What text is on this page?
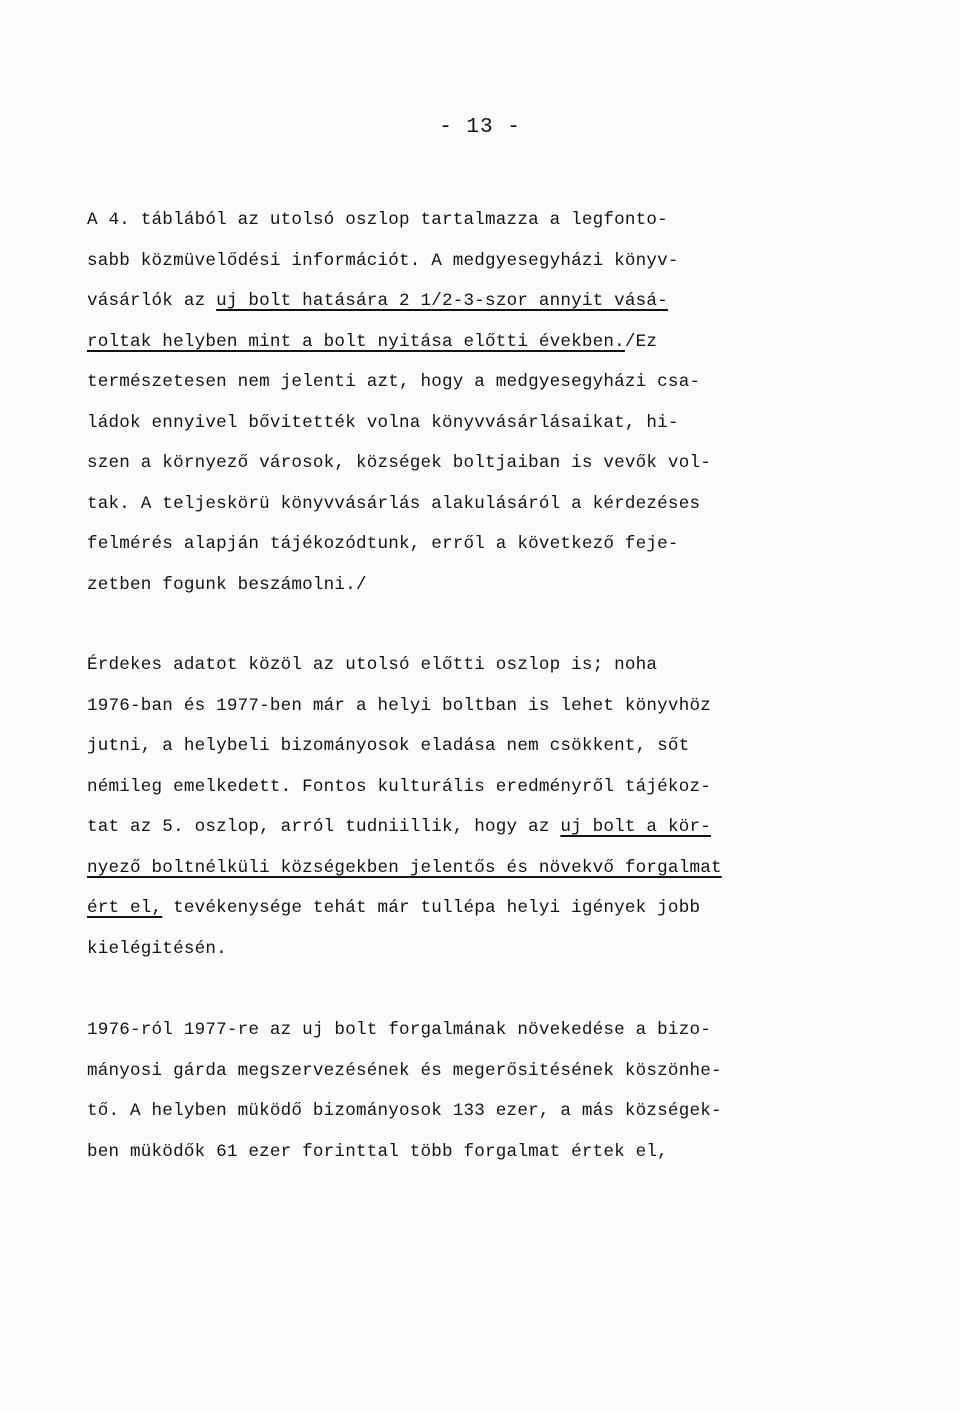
- 13 -
A 4. táblából az utolsó oszlop tartalmazza a legfonto-
sabb közmüvelődési információt. A medgyesegyházi könyv-
vásárlók az uj bolt hatására 2 1/2-3-szor annyit vásá-
roltak helyben mint a bolt nyitása előtti években./Ez
természetesen nem jelenti azt, hogy a medgyesegyházi csa-
ládok ennyivel bővitették volna könyvvásárlásaikat, hi-
szen a környező városok, községek boltjaiban is vevők vol-
tak. A teljeskörü könyvvásárlás alakulásáról a kérdezéses
felmérés alapján tájékozódtunk, erről a következő feje-
zetben fogunk beszámolni./
Érdekes adatot közöl az utolsó előtti oszlop is; noha
1976-ban és 1977-ben már a helyi boltban is lehet könyvhöz
jutni, a helybeli bizományosok eladása nem csökkent, sőt
némileg emelkedett. Fontos kulturális eredményről tájékoz-
tat az 5. oszlop, arról tudniillik, hogy az uj bolt a kör-
nyező boltnélküli községekben jelentős és növekvő forgalmat
ért el, tevékenysége tehát már tullépa helyi igények jobb
kielégitésén.
1976-ról 1977-re az uj bolt forgalmának növekedése a bizo-
mányosi gárda megszervezésének és megerősitésének köszönhe-
tő. A helyben müködő bizományosok 133 ezer, a más községek-
ben müködők 61 ezer forinttal több forgalmat értek el,
